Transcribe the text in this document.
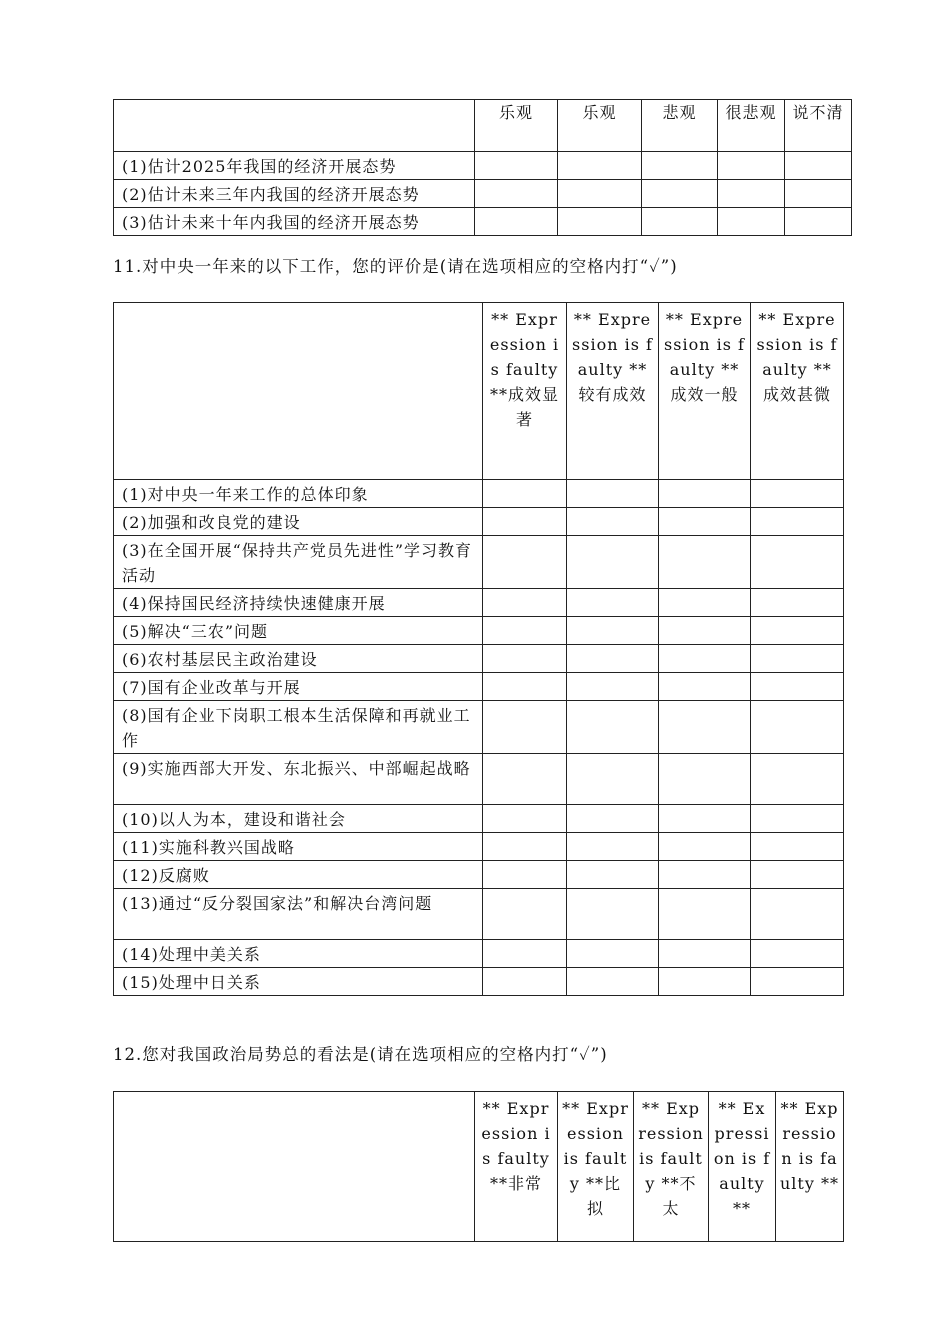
	乐观	乐观	悲观	很悲观	说不清
(1)估计2025年我国的经济开展态势					
(2)估计未来三年内我国的经济开展态势					
(3)估计未来十年内我国的经济开展态势					
11.对中央一年来的以下工作，您的评价是(请在选项相应的空格内打“✓”)
	** Expression is faulty **成效显著	** Expression is faulty **较有成效	** Expression is faulty **成效一般	** Expression is faulty **成效甚微
(1)对中央一年来工作的总体印象				
(2)加强和改良党的建设				
(3)在全国开展“保持共产党员先进性”学习教育活动				
(4)保持国民经济持续快速健康开展				
(5)解决“三农”问题				
(6)农村基层民主政治建设				
(7)国有企业改革与开展				
(8)国有企业下岗职工根本生活保障和再就业工作				
(9)实施西部大开发、东北振兴、中部崛起战略				
(10)以人为本，建设和谐社会				
(11)实施科教兴国战略				
(12)反腐败				
(13)通过“反分裂国家法”和解决台湾问题				
(14)处理中美关系				
(15)处理中日关系				
12.您对我国政治局势总的看法是(请在选项相应的空格内打“✓”)
	** Expression is faulty **非常	** Expression is faulty **比拟	** Expression is faulty **不太	** Expression is faulty **	** Expression is faulty **
